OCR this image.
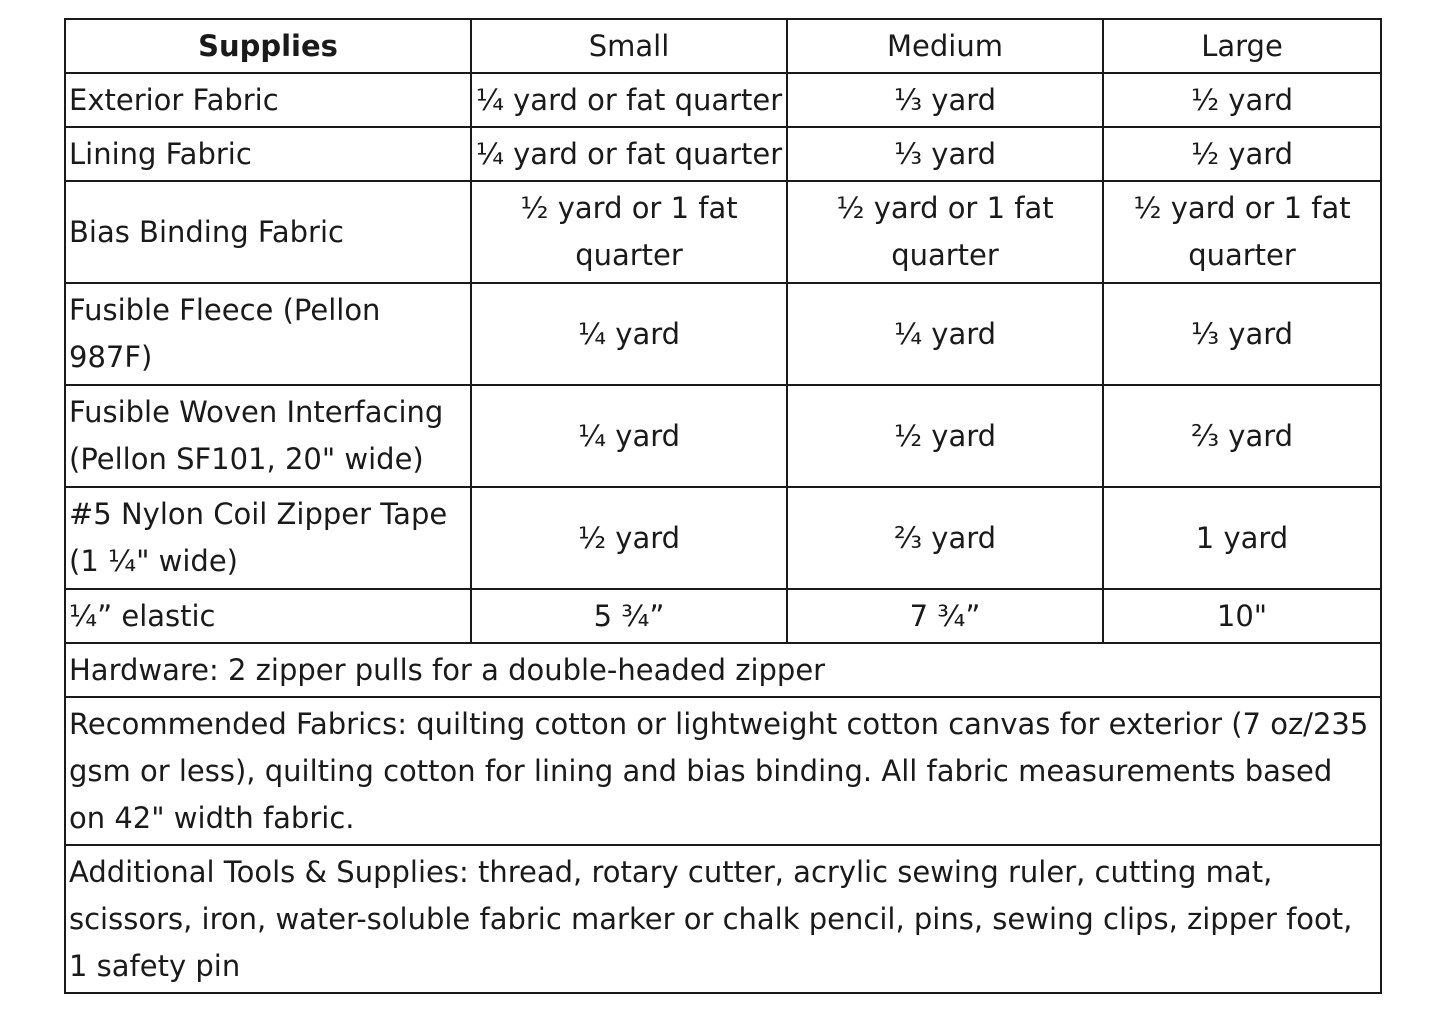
Supplies	Small	Medium	Large
Exterior Fabric	¼ yard or fat quarter	⅓ yard	½ yard
Lining Fabric	¼ yard or fat quarter	⅓ yard	½ yard
Bias Binding Fabric	½ yard or 1 fat quarter	½ yard or 1 fat quarter	½ yard or 1 fat quarter
Fusible Fleece (Pellon 987F)	¼ yard	¼ yard	⅓ yard
Fusible Woven Interfacing (Pellon SF101, 20" wide)	¼ yard	½ yard	⅔ yard
#5 Nylon Coil Zipper Tape (1 ¼" wide)	½ yard	⅔ yard	1 yard
¼” elastic	5 ¾”	7 ¾”	10"
Hardware: 2 zipper pulls for a double-headed zipper			
Recommended Fabrics: quilting cotton or lightweight cotton canvas for exterior (7 oz/235 gsm or less), quilting cotton for lining and bias binding. All fabric measurements based on 42" width fabric.			
Additional Tools & Supplies: thread, rotary cutter, acrylic sewing ruler, cutting mat, scissors, iron, water-soluble fabric marker or chalk pencil, pins, sewing clips, zipper foot, 1 safety pin			
